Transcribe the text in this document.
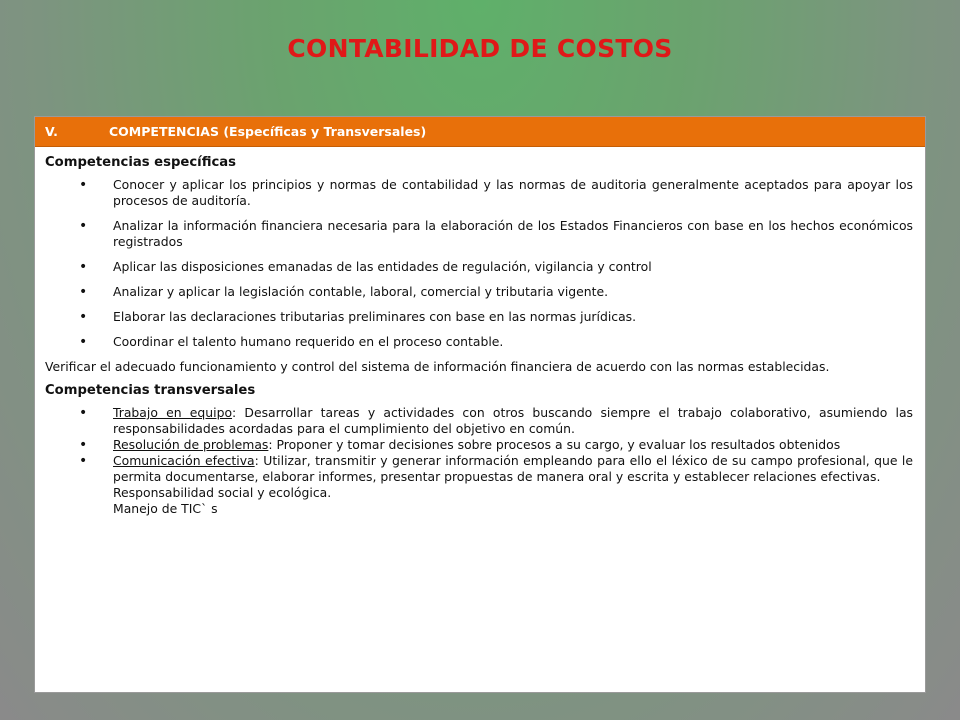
CONTABILIDAD DE COSTOS
V.	COMPETENCIAS (Específicas y Transversales)
Competencias específicas
• Conocer y aplicar los principios y normas de contabilidad y las normas de auditoria generalmente aceptados para apoyar los procesos de auditoría.
• Analizar la información financiera necesaria para la elaboración de los Estados Financieros con base en los hechos económicos registrados
• Aplicar las disposiciones emanadas de las entidades de regulación, vigilancia y control
• Analizar y aplicar la legislación contable, laboral, comercial y tributaria vigente.
• Elaborar las declaraciones tributarias preliminares con base en las normas jurídicas.
• Coordinar el talento humano requerido en el proceso contable.
Verificar el adecuado funcionamiento y control del sistema de información financiera de acuerdo con las normas establecidas.
Competencias transversales
• Trabajo en equipo: Desarrollar tareas y actividades con otros buscando siempre el trabajo colaborativo, asumiendo las responsabilidades acordadas para el cumplimiento del objetivo en común.
• Resolución de problemas: Proponer y tomar decisiones sobre procesos a su cargo, y evaluar los resultados obtenidos
• Comunicación efectiva: Utilizar, transmitir y generar información empleando para ello el léxico de su campo profesional, que le permita documentarse, elaborar informes, presentar propuestas de manera oral y escrita y establecer relaciones efectivas.
Responsabilidad social y ecológica.
Manejo de TIC` s
